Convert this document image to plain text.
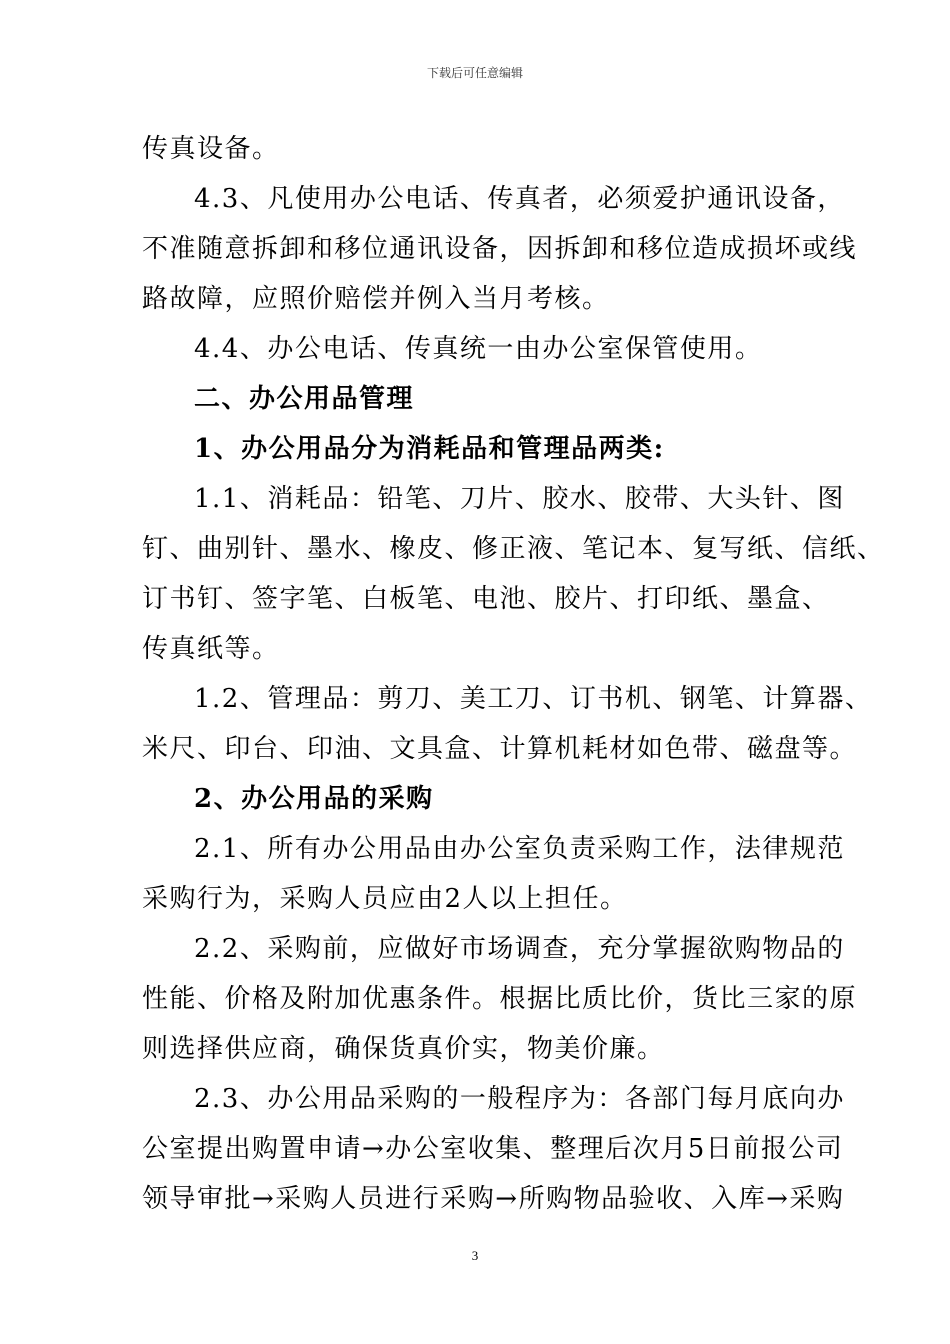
下载后可任意编辑
传真设备。
4.3、凡使用办公电话、传真者，必须爱护通讯设备，
不准随意拆卸和移位通讯设备，因拆卸和移位造成损坏或线
路故障，应照价赔偿并例入当月考核。
4.4、办公电话、传真统一由办公室保管使用。
二、办公用品管理
1、办公用品分为消耗品和管理品两类:
1.1、消耗品：铅笔、刀片、胶水、胶带、大头针、图
钉、曲别针、墨水、橡皮、修正液、笔记本、复写纸、信纸、
订书钉、签字笔、白板笔、电池、胶片、打印纸、墨盒、
传真纸等。
1.2、管理品：剪刀、美工刀、订书机、钢笔、计算器、
米尺、印台、印油、文具盒、计算机耗材如色带、磁盘等。
2、办公用品的采购
2.1、所有办公用品由办公室负责采购工作，法律规范
采购行为，采购人员应由2人以上担任。
2.2、采购前，应做好市场调查，充分掌握欲购物品的
性能、价格及附加优惠条件。根据比质比价，货比三家的原
则选择供应商，确保货真价实，物美价廉。
2.3、办公用品采购的一般程序为：各部门每月底向办
公室提出购置申请→办公室收集、整理后次月5日前报公司
领导审批→采购人员进行采购→所购物品验收、入库→采购
3
